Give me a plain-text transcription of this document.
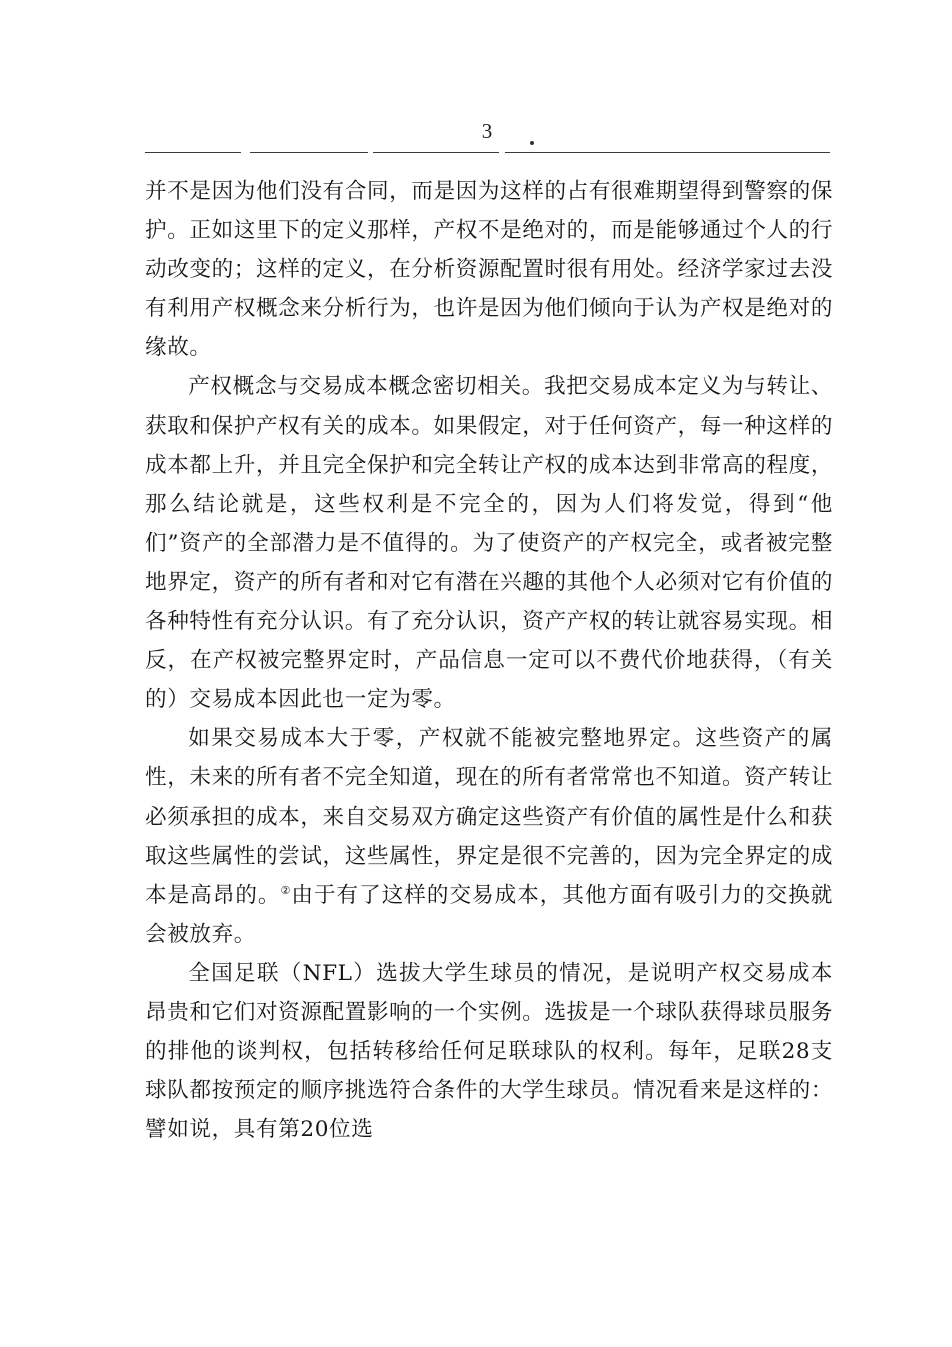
3

并不是因为他们没有合同，而是因为这样的占有很难期望得到警察的保护。正如这里下的定义那样，产权不是绝对的，而是能够通过个人的行动改变的；这样的定义，在分析资源配置时很有用处。经济学家过去没有利用产权概念来分析行为，也许是因为他们倾向于认为产权是绝对的缘故。

产权概念与交易成本概念密切相关。我把交易成本定义为与转让、获取和保护产权有关的成本。如果假定，对于任何资产，每一种这样的成本都上升，并且完全保护和完全转让产权的成本达到非常高的程度，那么结论就是，这些权利是不完全的，因为人们将发觉，得到“他们”资产的全部潜力是不值得的。为了使资产的产权完全，或者被完整地界定，资产的所有者和对它有潜在兴趣的其他个人必须对它有价值的各种特性有充分认识。有了充分认识，资产产权的转让就容易实现。相反，在产权被完整界定时，产品信息一定可以不费代价地获得，（有关的）交易成本因此也一定为零。

如果交易成本大于零，产权就不能被完整地界定。这些资产的属性，未来的所有者不完全知道，现在的所有者常常也不知道。资产转让必须承担的成本，来自交易双方确定这些资产有价值的属性是什么和获取这些属性的尝试，这些属性，界定是很不完善的，因为完全界定的成本是高昂的。②由于有了这样的交易成本，其他方面有吸引力的交换就会被放弃。

全国足联（NFL）选拔大学生球员的情况，是说明产权交易成本昂贵和它们对资源配置影响的一个实例。选拔是一个球队获得球员服务的排他的谈判权，包括转移给任何足联球队的权利。每年，足联28支球队都按预定的顺序挑选符合条件的大学生球员。情况看来是这样的：譬如说，具有第20位选
